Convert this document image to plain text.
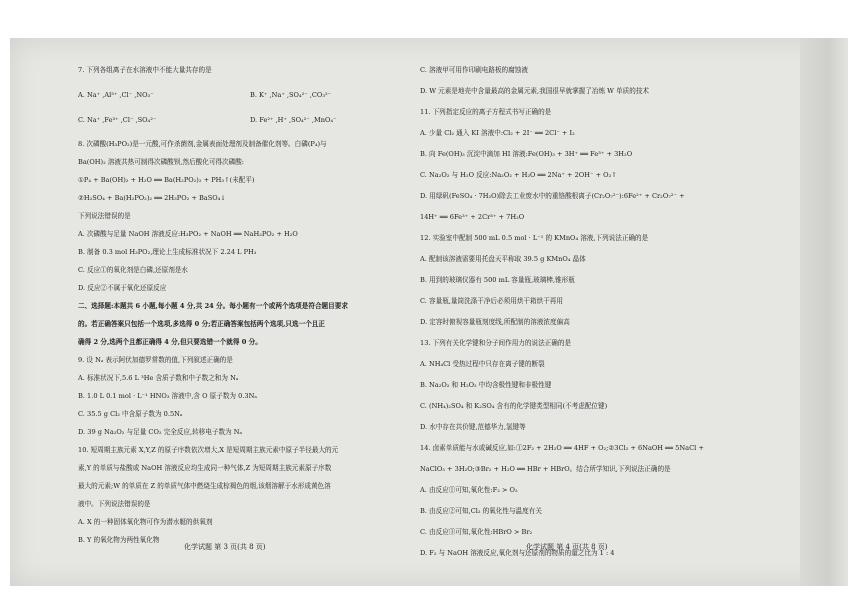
7. 下列各组离子在水溶液中不能大量共存的是
A. Na⁺ ,Al³⁺ ,Cl⁻ ,NO₃⁻	B. K⁺ ,Na⁺ ,SO₄²⁻ ,CO₃²⁻
C. Na⁺ ,Fe³⁺ ,Cl⁻ ,SO₄²⁻	D. Fe²⁺ ,H⁺ ,SO₄²⁻ ,MnO₄⁻
8. 次磷酸(H₃PO₂)是一元酸,可作杀菌剂,金属表面处理剂及制备催化剂等。白磷(P₄)与
Ba(OH)₂ 溶液共热可制得次磷酸钡,然后酸化可得次磷酸:
①P₄ + Ba(OH)₂ + H₂O ══ Ba(H₂PO₂)₂ + PH₃↑(未配平)
②H₂SO₄ + Ba(H₂PO₂)₂ ══ 2H₃PO₂ + BaSO₄↓
下列说法错误的是
A. 次磷酸与足量 NaOH 溶液反应:H₃PO₂ + NaOH ══ NaH₂PO₂ + H₂O
B. 制备 0.3 mol H₃PO₂,理论上生成标准状况下 2.24 L PH₃
C. 反应①的氧化剂是白磷,还原剂是水
D. 反应②不属于氧化还原反应
二、选择题:本题共 6 小题,每小题 4 分,共 24 分。每小题有一个或两个选项是符合题目要求
的。若正确答案只包括一个选项,多选得 0 分;若正确答案包括两个选项,只选一个且正
确得 2 分,选两个且都正确得 4 分,但只要选错一个就得 0 分。
9. 设 Nₐ 表示阿伏加德罗常数的值,下列叙述正确的是
A. 标准状况下,5.6 L ³He 含质子数和中子数之和为 Nₐ
B. 1.0 L 0.1 mol · L⁻¹ HNO₃ 溶液中,含 O 原子数为 0.3Nₐ
C. 35.5 g Cl₂ 中含原子数为 0.5Nₐ
D. 39 g Na₂O₂ 与足量 CO₂ 完全反应,转移电子数为 Nₐ
10. 短周期主族元素 X,Y,Z 的原子序数依次增大,X 是短周期主族元素中原子半径最大的元
素,Y 的单质与盐酸或 NaOH 溶液反应均生成同一种气体,Z 为短周期主族元素原子序数
最大的元素;W 的单质在 Z 的单质气体中燃烧生成棕褐色的烟,该烟溶解于水形成黄色溶
液中。下列说法错误的是
A. X 的一种固体氧化物可作为潜水艇的供氧剂
B. Y 的氧化物为两性氧化物
化学试题 第 3 页(共 8 页)
C. 溶液甲可用作印刷电路板的腐蚀液
D. W 元素是地壳中含量最高的金属元素,我国很早就掌握了冶炼 W 单质的技术
11. 下列指定反应的离子方程式书写正确的是
A. 少量 Cl₂ 通入 KI 溶液中:Cl₂ + 2I⁻ ══ 2Cl⁻ + I₂
B. 向 Fe(OH)₃ 沉淀中滴加 HI 溶液:Fe(OH)₃ + 3H⁺ ══ Fe³⁺ + 3H₂O
C. Na₂O₂ 与 H₂O 反应:Na₂O₂ + H₂O ══ 2Na⁺ + 2OH⁻ + O₂↑
D. 用绿矾(FeSO₄ · 7H₂O)除去工业废水中的重铬酸根离子(Cr₂O₇²⁻):6Fe²⁺ + Cr₂O₇²⁻ +
14H⁺ ══ 6Fe³⁺ + 2Cr³⁺ + 7H₂O
12. 实验室中配制 500 mL 0.5 mol · L⁻¹ 的 KMnO₄ 溶液,下列说法正确的是
A. 配制该溶液需要用托盘天平称取 39.5 g KMnO₄ 晶体
B. 用到的玻璃仪器有 500 mL 容量瓶,玻璃棒,锥形瓶
C. 容量瓶,量筒洗涤干净后必须用烘干箱烘干再用
D. 定容时俯视容量瓶刻度线,所配制的溶液浓度偏高
13. 下列有关化学键和分子间作用力的说法正确的是
A. NH₄Cl 受热过程中只存在离子键的断裂
B. Na₂O₂ 和 H₂O₂ 中均含极性键和非极性键
C. (NH₄)₂SO₄ 和 K₂SO₄ 含有的化学键类型相同(不考虑配位键)
D. 水中存在共价键,范德华力,氢键等
14. 卤素单质能与水或碱反应,如:①2F₂ + 2H₂O ══ 4HF + O₂;②3Cl₂ + 6NaOH ══ 5NaCl +
NaClO₃ + 3H₂O;③Br₂ + H₂O ══ HBr + HBrO。结合所学知识,下列说法正确的是
A. 由反应①可知,氧化性:F₂ > O₂
B. 由反应②可知,Cl₂ 的氧化性与温度有关
C. 由反应③可知,氧化性:HBrO > Br₂
D. F₂ 与 NaOH 溶液反应,氧化剂与还原剂的物质的量之比为 1 : 4
化学试题 第 4 页(共 8 页)
